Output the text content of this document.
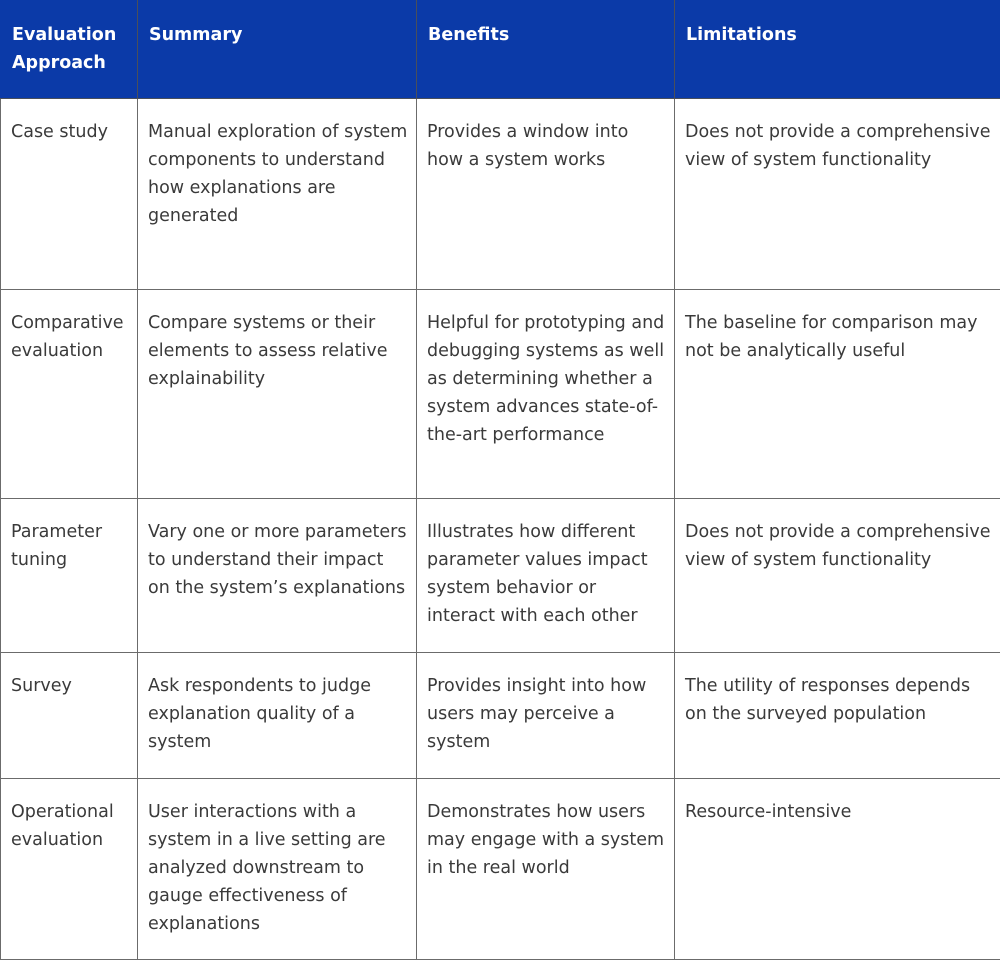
Evaluation Approach	Summary	Benefits	Limitations
Case study	Manual exploration of system components to understand how explanations are generated	Provides a window into how a system works	Does not provide a comprehensive view of system functionality
Comparative evaluation	Compare systems or their elements to assess relative explainability	Helpful for prototyping and debugging systems as well as determining whether a system advances state-of-the-art performance	The baseline for comparison may not be analytically useful
Parameter tuning	Vary one or more parameters to understand their impact on the system’s explanations	Illustrates how different parameter values impact system behavior or interact with each other	Does not provide a comprehensive view of system functionality
Survey	Ask respondents to judge explanation quality of a system	Provides insight into how users may perceive a system	The utility of responses depends on the surveyed population
Operational evaluation	User interactions with a system in a live setting are analyzed downstream to gauge effectiveness of explanations	Demonstrates how users may engage with a system in the real world	Resource-intensive
